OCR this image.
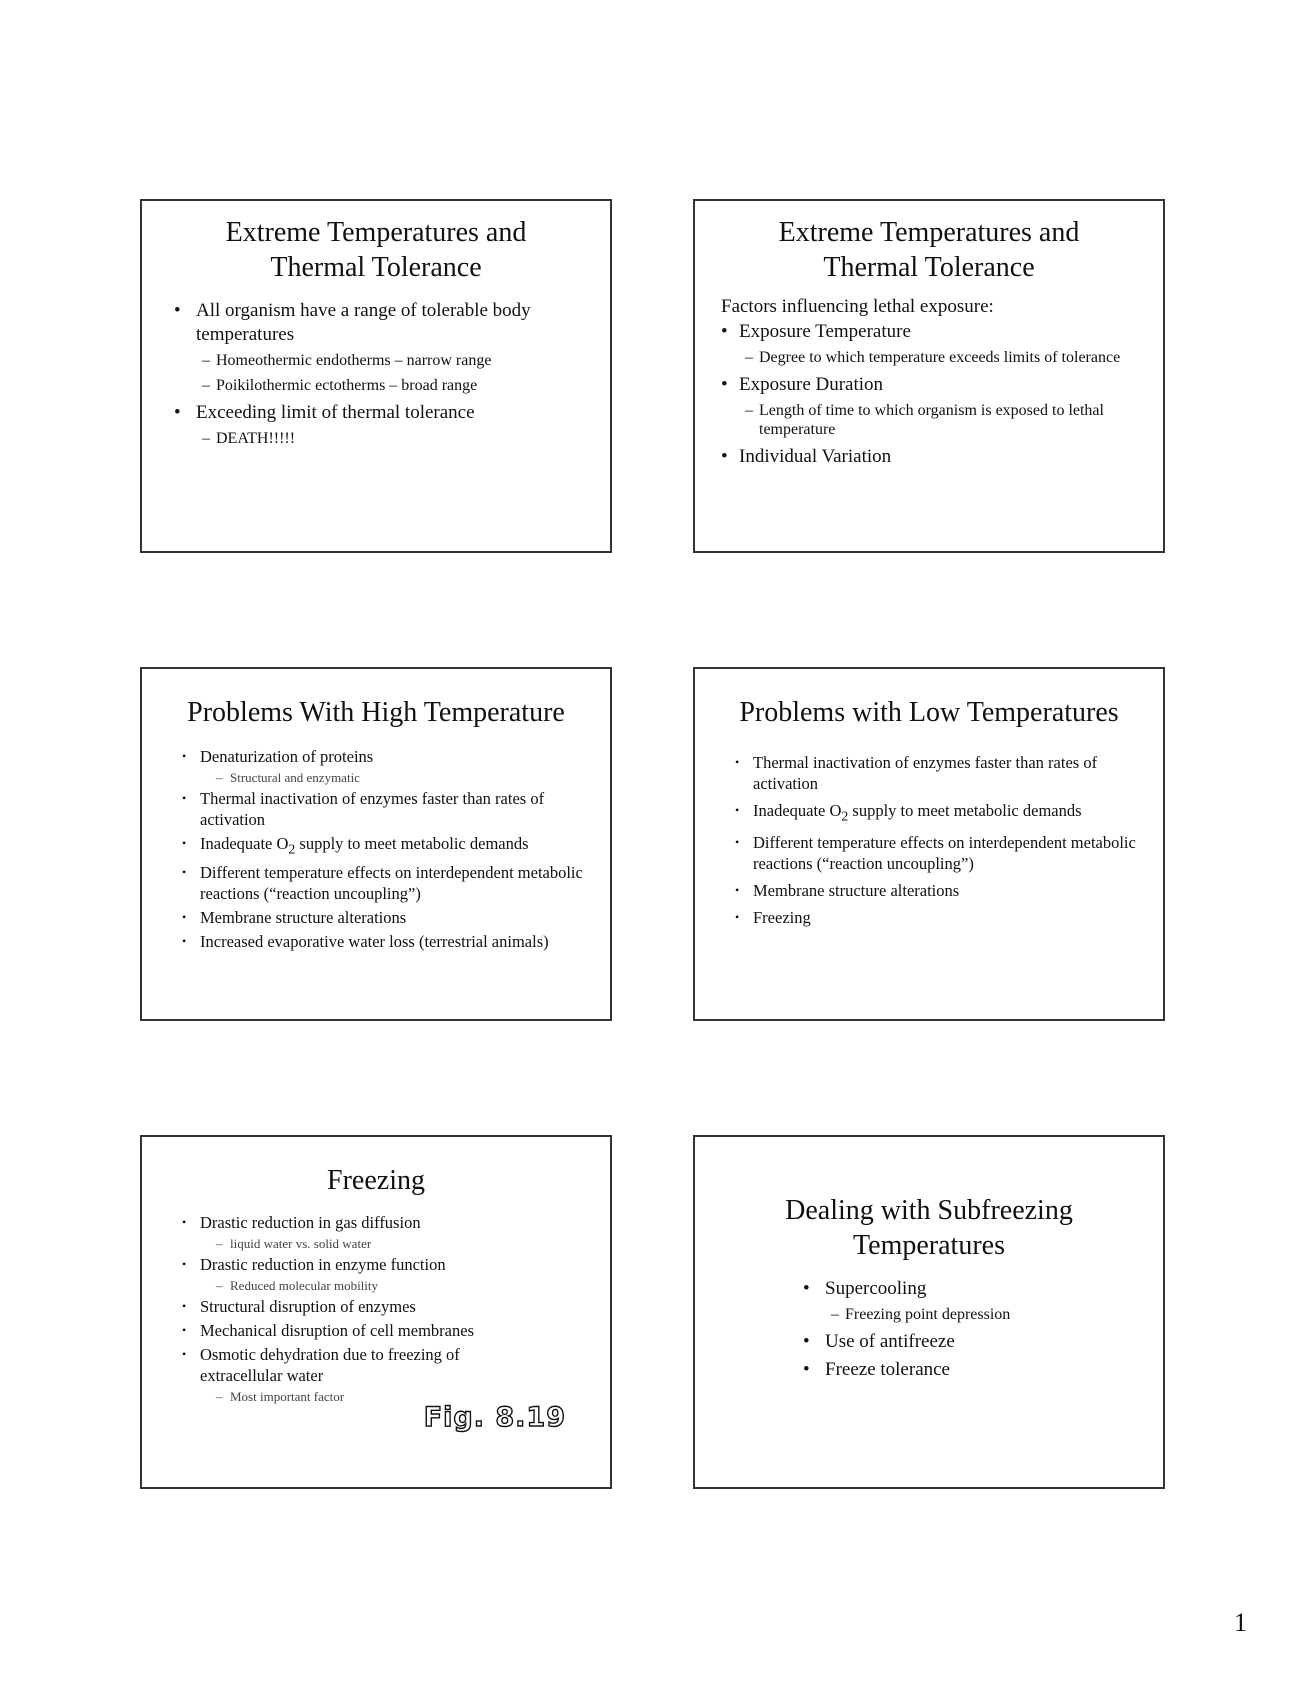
Extreme Temperatures and
Thermal Tolerance
• All organism have a range of tolerable body temperatures
– Homeothermic endotherms – narrow range
– Poikilothermic ectotherms – broad range
• Exceeding limit of thermal tolerance
– DEATH!!!!!
Extreme Temperatures and
Thermal Tolerance
Factors influencing lethal exposure:
• Exposure Temperature
– Degree to which temperature exceeds limits of tolerance
• Exposure Duration
– Length of time to which organism is exposed to lethal temperature
• Individual Variation
Problems With High Temperature
• Denaturization of proteins
– Structural and enzymatic
• Thermal inactivation of enzymes faster than rates of activation
• Inadequate $O_2$ supply to meet metabolic demands
• Different temperature effects on interdependent metabolic reactions (“reaction uncoupling”)
• Membrane structure alterations
• Increased evaporative water loss (terrestrial animals)
Problems with Low Temperatures
• Thermal inactivation of enzymes faster than rates of activation
• Inadequate $O_2$ supply to meet metabolic demands
• Different temperature effects on interdependent metabolic reactions (“reaction uncoupling”)
• Membrane structure alterations
• Freezing
Freezing
• Drastic reduction in gas diffusion
– liquid water vs. solid water
• Drastic reduction in enzyme function
– Reduced molecular mobility
• Structural disruption of enzymes
• Mechanical disruption of cell membranes
• Osmotic dehydration due to freezing of extracellular water
– Most important factor
Fig. 8.19
Dealing with Subfreezing
Temperatures
• Supercooling
– Freezing point depression
• Use of antifreeze
• Freeze tolerance
1
